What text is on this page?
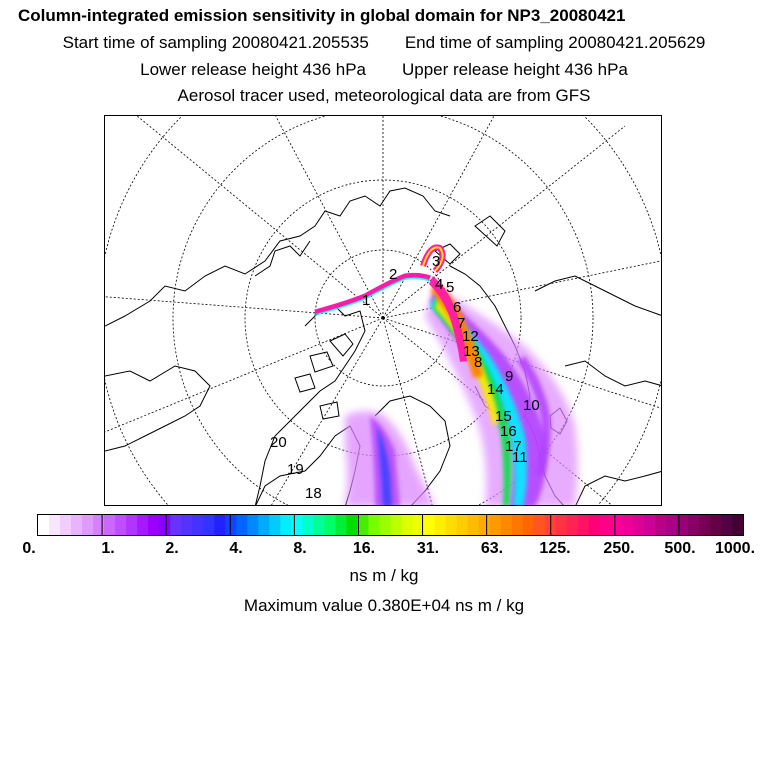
Column-integrated emission sensitivity in global domain for NP3_20080421
Start time of sampling 20080421.205535 End time of sampling 20080421.205629
Lower release height 436 hPa Upper release height 436 hPa
Aerosol tracer used, meteorological data are from GFS
1
2
3
4 5
6
7
8
9
10
11
12
13
14
15
16
17
18
19
20
0.	1.	2.	4.	8.	16.	31.	63. 125. 250. 500. 1000.
ns m / kg
Maximum value 0.380E+04 ns m / kg
